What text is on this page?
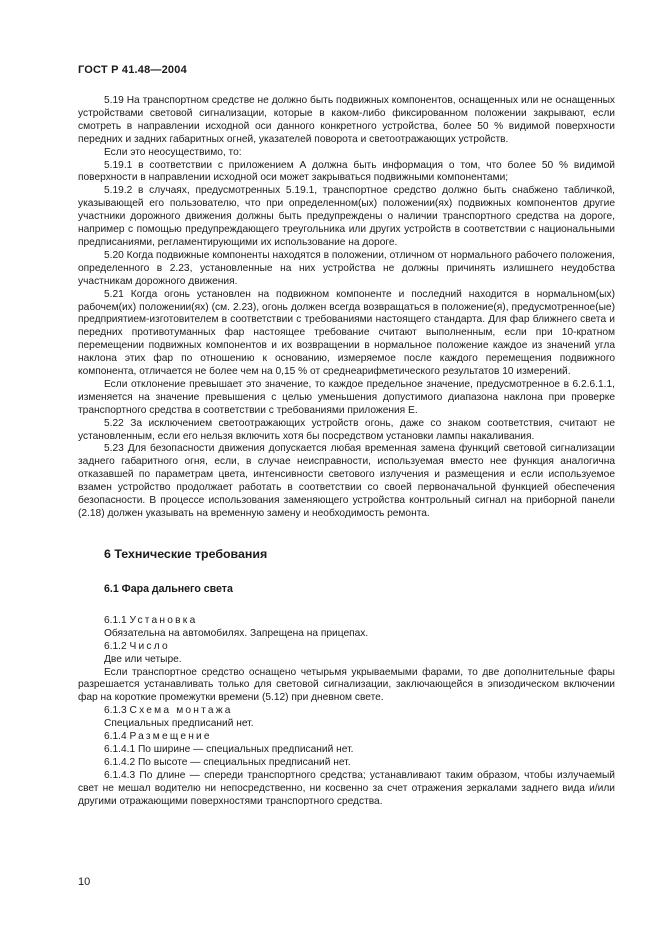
ГОСТ Р 41.48—2004

5.19 На транспортном средстве не должно быть подвижных компонентов, оснащенных или не оснащенных устройствами световой сигнализации, которые в каком-либо фиксированном положении закрывают, если смотреть в направлении исходной оси данного конкретного устройства, более 50 % видимой поверхности передних и задних габаритных огней, указателей поворота и светоотражающих устройств.

Если это неосуществимо, то:

5.19.1 в соответствии с приложением А должна быть информация о том, что более 50 % видимой поверхности в направлении исходной оси может закрываться подвижными компонентами;

5.19.2 в случаях, предусмотренных 5.19.1, транспортное средство должно быть снабжено табличкой, указывающей его пользователю, что при определенном(ых) положении(ях) подвижных компонентов другие участники дорожного движения должны быть предупреждены о наличии транспортного средства на дороге, например с помощью предупреждающего треугольника или других устройств в соответствии с национальными предписаниями, регламентирующими их использование на дороге.

5.20 Когда подвижные компоненты находятся в положении, отличном от нормального рабочего положения, определенного в 2.23, установленные на них устройства не должны причинять излишнего неудобства участникам дорожного движения.

5.21 Когда огонь установлен на подвижном компоненте и последний находится в нормальном(ых) рабочем(их) положении(ях) (см. 2.23), огонь должен всегда возвращаться в положение(я), предусмотренное(ые) предприятием-изготовителем в соответствии с требованиями настоящего стандарта. Для фар ближнего света и передних противотуманных фар настоящее требование считают выполненным, если при 10-кратном перемещении подвижных компонентов и их возвращении в нормальное положение каждое из значений угла наклона этих фар по отношению к основанию, измеряемое после каждого перемещения подвижного компонента, отличается не более чем на 0,15 % от среднеарифметического результатов 10 измерений.

Если отклонение превышает это значение, то каждое предельное значение, предусмотренное в 6.2.6.1.1, изменяется на значение превышения с целью уменьшения допустимого диапазона наклона при проверке транспортного средства в соответствии с требованиями приложения Е.

5.22 За исключением светоотражающих устройств огонь, даже со знаком соответствия, считают не установленным, если его нельзя включить хотя бы посредством установки лампы накаливания.

5.23 Для безопасности движения допускается любая временная замена функций световой сигнализации заднего габаритного огня, если, в случае неисправности, используемая вместо нее функция аналогична отказавшей по параметрам цвета, интенсивности светового излучения и размещения и если используемое взамен устройство продолжает работать в соответствии со своей первоначальной функцией обеспечения безопасности. В процессе использования заменяющего устройства контрольный сигнал на приборной панели (2.18) должен указывать на временную замену и необходимость ремонта.

6 Технические требования
6.1 Фара дальнего света

6.1.1 Установка

Обязательна на автомобилях. Запрещена на прицепах.

6.1.2 Число

Две или четыре.

Если транспортное средство оснащено четырьмя укрываемыми фарами, то две дополнительные фары разрешается устанавливать только для световой сигнализации, заключающейся в эпизодическом включении фар на короткие промежутки времени (5.12) при дневном свете.

6.1.3 Схема монтажа

Специальных предписаний нет.

6.1.4 Размещение

6.1.4.1 По ширине — специальных предписаний нет.

6.1.4.2 По высоте — специальных предписаний нет.

6.1.4.3 По длине — спереди транспортного средства; устанавливают таким образом, чтобы излучаемый свет не мешал водителю ни непосредственно, ни косвенно за счет отражения зеркалами заднего вида и/или другими отражающими поверхностями транспортного средства.

10
